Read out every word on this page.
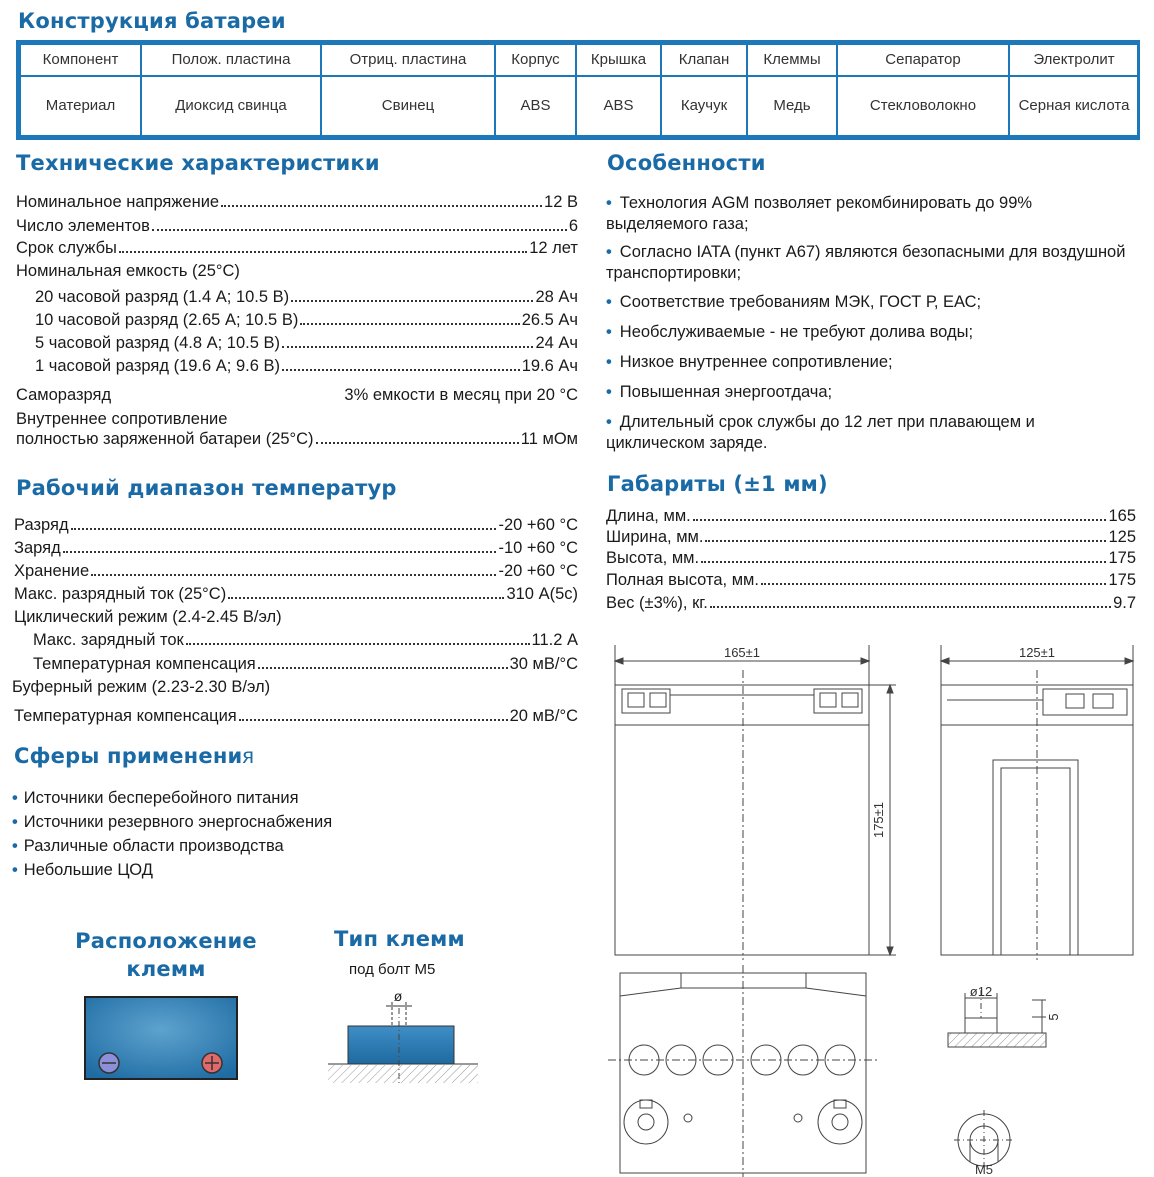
Конструкция батареи
Компонент	Полож. пластина	Отриц. пластина	Корпус	Крышка	Клапан	Клеммы	Сепаратор	Электролит
Материал	Диоксид свинца	Свинец	ABS	ABS	Каучук	Медь	Стекловолокно	Серная кислота
Технические характеристики
Номинальное напряжение	12 В
Число элементов	6
Срок службы	12 лет
Номинальная емкость (25°С)
20 часовой разряд (1.4 А; 10.5 В)	28 Ач
10 часовой разряд (2.65 А; 10.5 В)	26.5 Ач
5 часовой разряд (4.8 А; 10.5 В)	24 Ач
1 часовой разряд (19.6 А; 9.6 В)	19.6 Ач
Саморазряд	3% емкости в месяц при 20 °С
Внутреннее сопротивление
полностью заряженной батареи (25°С)	11 мОм
Рабочий диапазон температур
Разряд	-20 +60 °С
Заряд	-10 +60 °С
Хранение	-20 +60 °С
Макс. разрядный ток (25°С)	310 А(5с)
Циклический режим (2.4-2.45 В/эл)
Макс. зарядный ток	11.2 А
Температурная компенсация	30 мВ/°С
Буферный режим (2.23-2.30 В/эл)
Температурная компенсация	20 мВ/°С
Сферы применения
• Источники бесперебойного питания
• Источники резервного энергоснабжения
• Различные области производства
• Небольшие ЦОД
Особенности
• Технология AGM позволяет рекомбинировать до 99% выделяемого газа;
• Согласно IATA (пункт A67) являются безопасными для воздушной транспортировки;
• Соответствие требованиям МЭК, ГОСТ Р, ЕАС;
• Необслуживаемые - не требуют долива воды;
• Низкое внутреннее сопротивление;
• Повышенная энергоотдача;
• Длительный срок службы до 12 лет при плавающем и циклическом заряде.
Габариты (±1 мм)
Длина, мм.	165
Ширина, мм.	125
Высота, мм.	175
Полная высота, мм.	175
Вес (±3%), кг.	9.7
Расположение
клемм
Тип клемм
под болт М5
ø
165±1	125±1
175±1
ø12
5
М5
